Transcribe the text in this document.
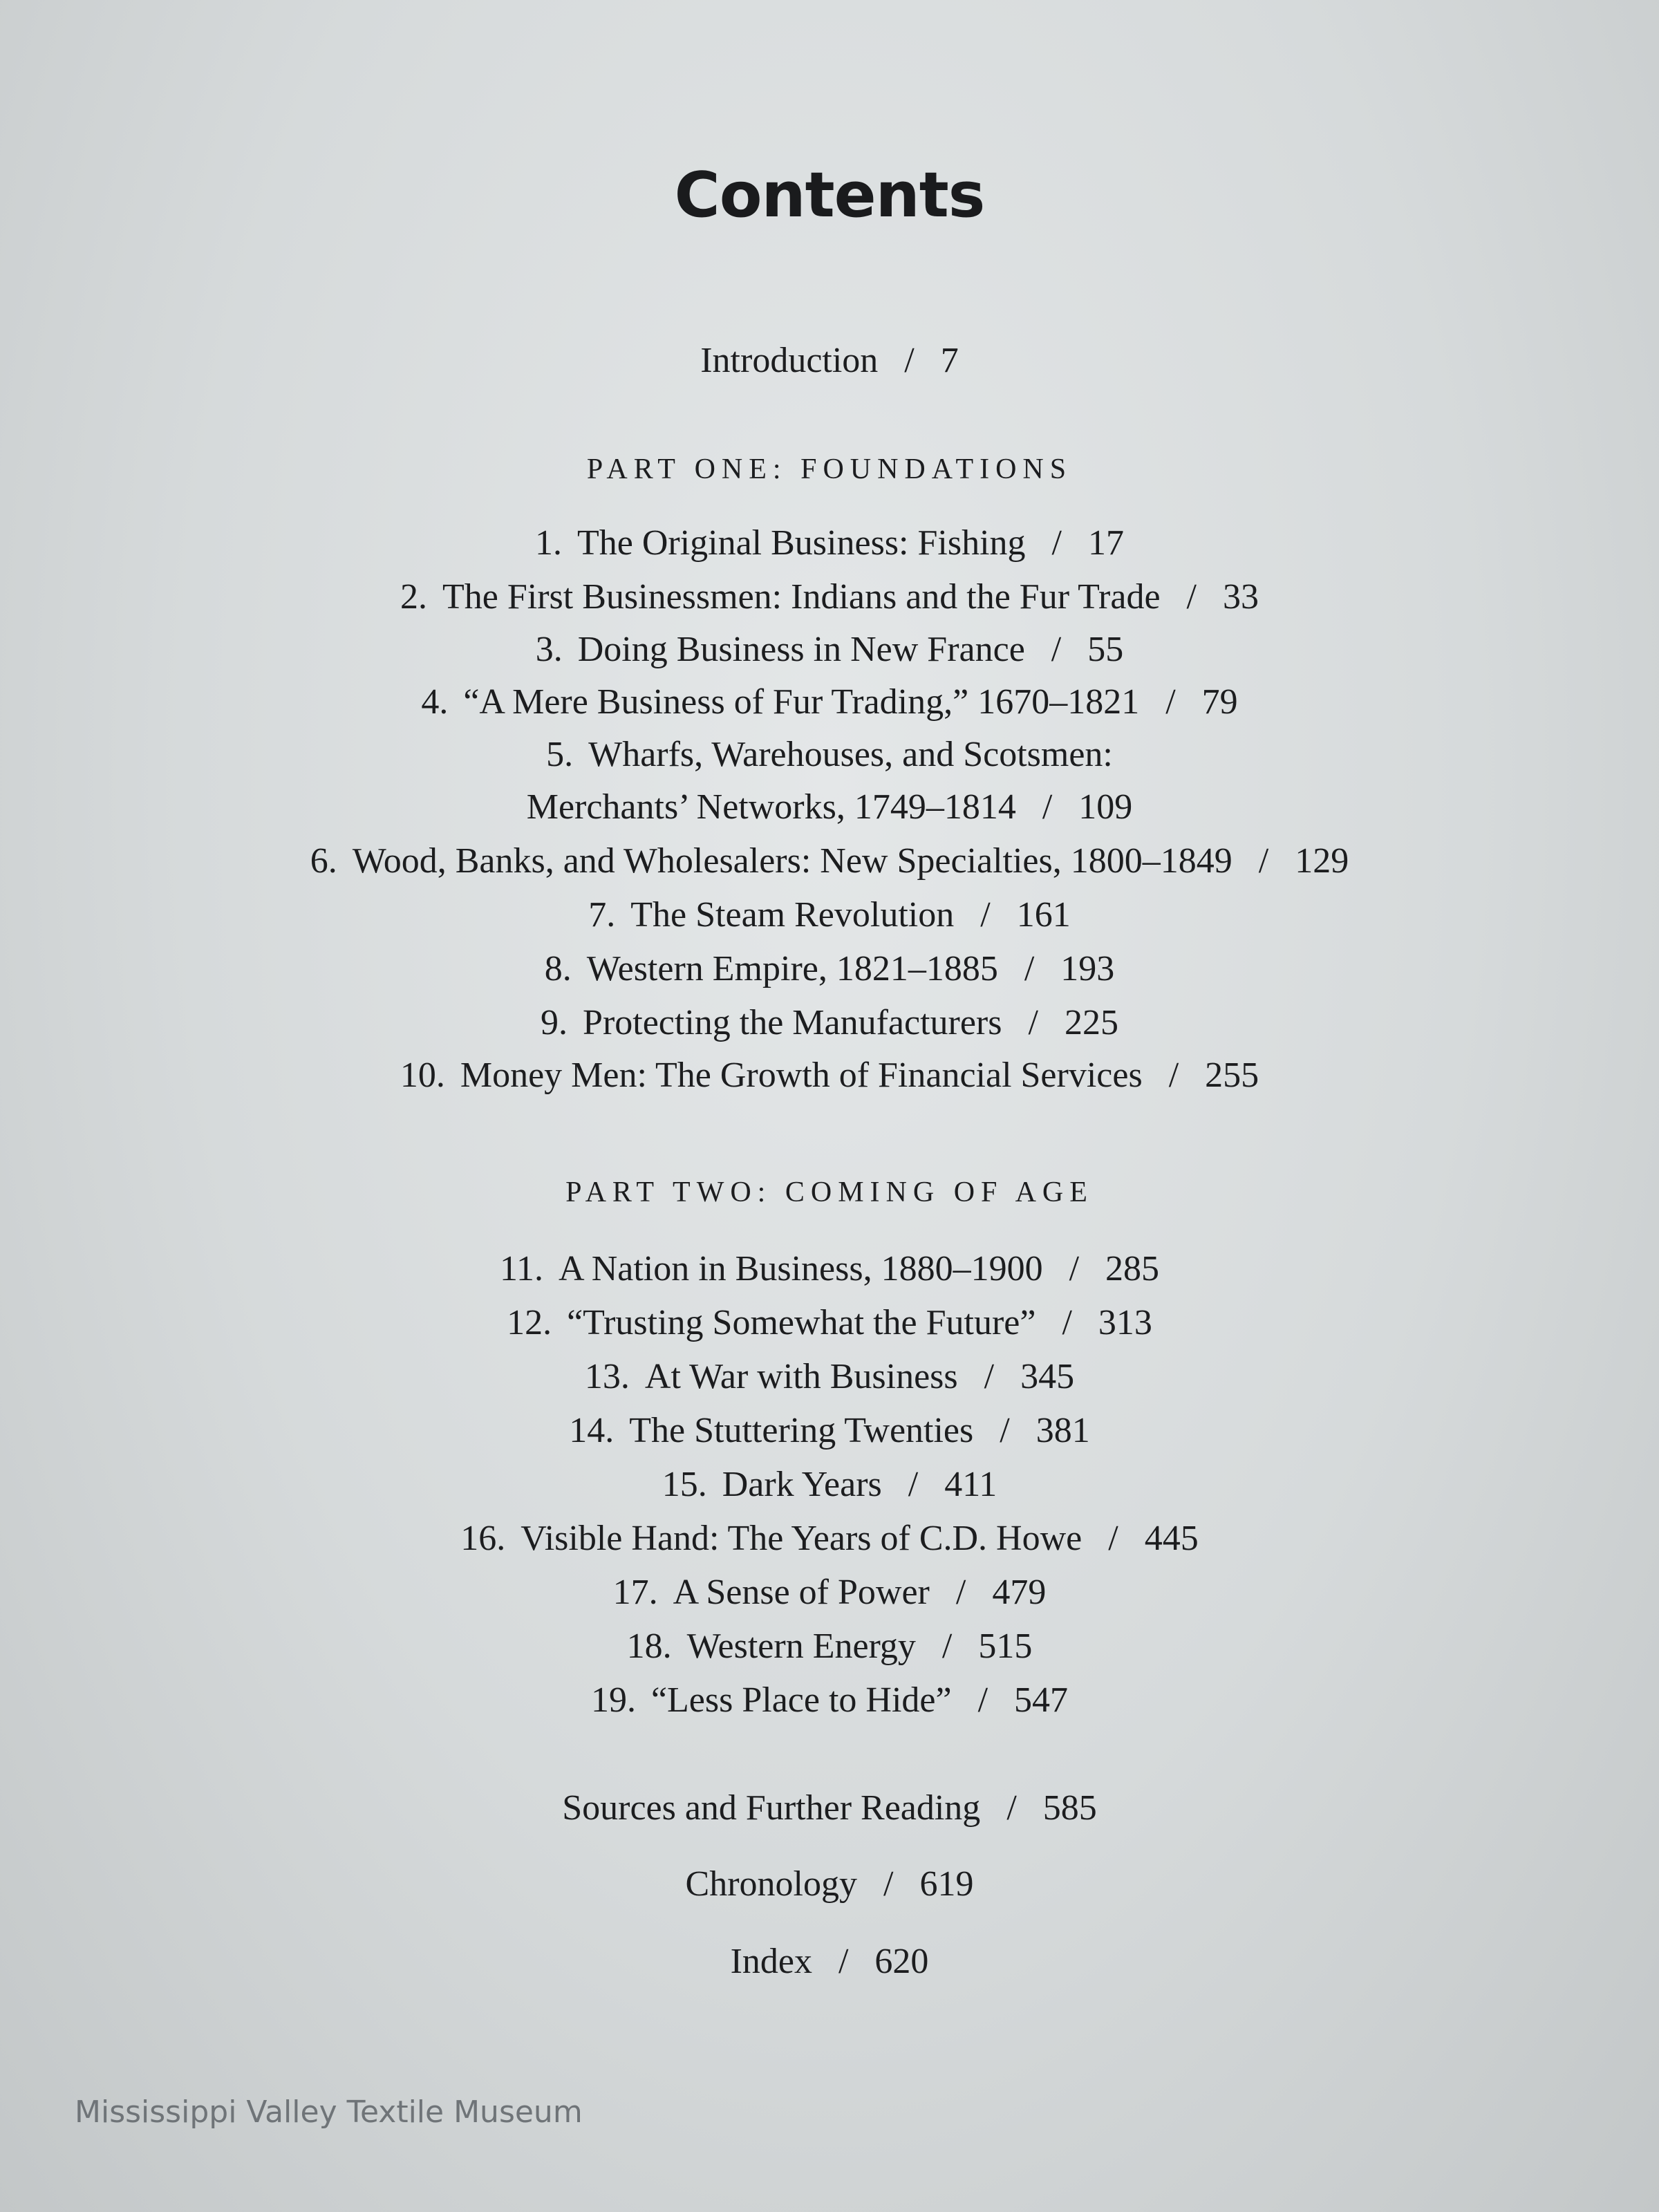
Contents
Introduction / 7
PART ONE: FOUNDATIONS
1. The Original Business: Fishing / 17
2. The First Businessmen: Indians and the Fur Trade / 33
3. Doing Business in New France / 55
4. “A Mere Business of Fur Trading,” 1670–1821 / 79
5. Wharfs, Warehouses, and Scotsmen:
Merchants’ Networks, 1749–1814 / 109
6. Wood, Banks, and Wholesalers: New Specialties, 1800–1849 / 129
7. The Steam Revolution / 161
8. Western Empire, 1821–1885 / 193
9. Protecting the Manufacturers / 225
10. Money Men: The Growth of Financial Services / 255
PART TWO: COMING OF AGE
11. A Nation in Business, 1880–1900 / 285
12. “Trusting Somewhat the Future” / 313
13. At War with Business / 345
14. The Stuttering Twenties / 381
15. Dark Years / 411
16. Visible Hand: The Years of C.D. Howe / 445
17. A Sense of Power / 479
18. Western Energy / 515
19. “Less Place to Hide” / 547
Sources and Further Reading / 585
Chronology / 619
Index / 620
Mississippi Valley Textile Museum
